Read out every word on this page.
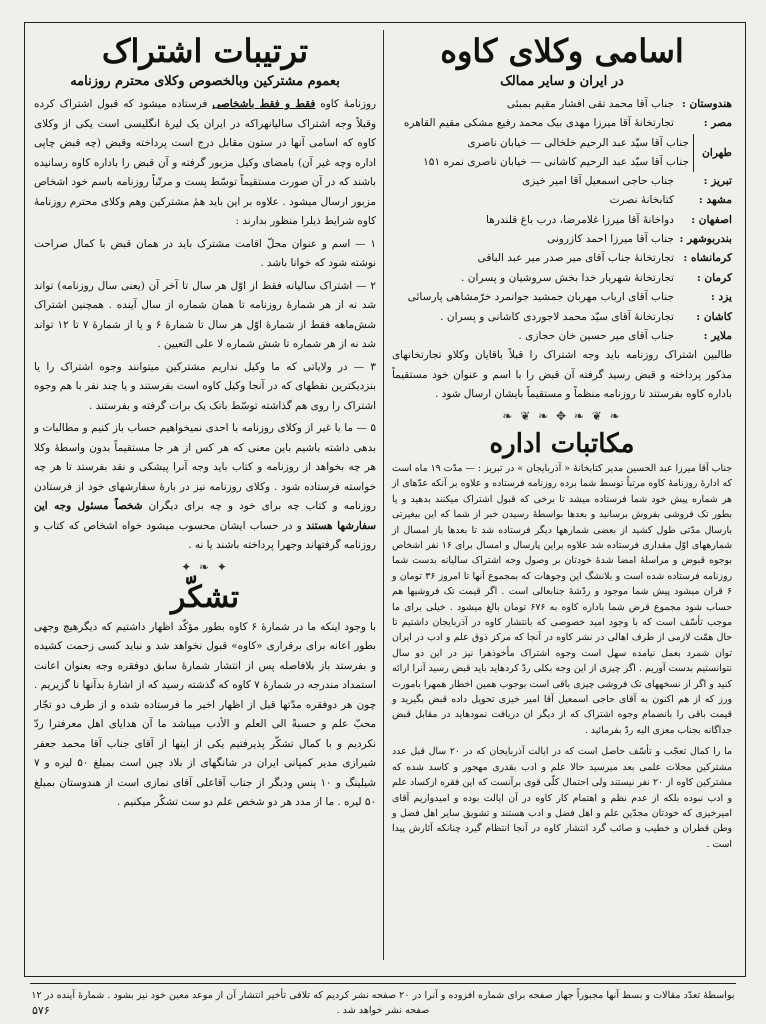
اسامی وکلای کاوه
در ایران و سایر ممالک
هندوستان :
جناب آقا محمد تقی افشار مقیم بمبئی
مصر :
تجارتخانهٔ آقا میرزا مهدی بیک محمد رفیع مشکی مقیم القاهره
طهران
جناب آقا سیّد عبد الرحیم خلخالی — خیابان ناصری
جناب آقا سیّد عبد الرحیم کاشانی — خیابان ناصری نمره ۱۵۱
تبریز :
جناب حاجی اسمعیل آقا امیر خیزی
مشهد :
کتابخانهٔ نصرت
اصفهان :
دواخانهٔ آقا میرزا غلامرضا، درب باغ قلندرها
بندربوشهر :
جناب آقا میرزا احمد کازرونی
کرمانشاه :
تجارتخانهٔ جناب آقای میر صدر میر عبد الباقی
کرمان :
تجارتخانهٔ شهریار خدا بخش سروشیان و پسران .
یزد :
جناب آقای ارباب مهربان جمشید جوانمرد خرّمشاهی پارسائی
کاشان :
تجارتخانهٔ آقای سیّد محمد لاجوردی کاشانی و پسران .
ملایر :
جناب آقای میر حسین خان حجازی .

طالبین اشتراک روزنامه باید وجه اشتراک را قبلاً باقایان وکلاو تجارتخانهای مذکور پرداخته و قبض رسید گرفته آن قبض را با اسم و عنوان خود مستقیماً باداره کاوه بفرستند تا روزنامه منظماً و مستقیماً بایشان ارسال شود .

❧ ❦ ❧ ✥ ❧ ❦ ❧
مکاتبات اداره

جناب آقا میرزا عبد الحسین مدیر کتابخانهٔ « آذربایجان » در تبریز : — مدّت ۱۹ ماه است که ادارهٔ روزنامهٔ کاوه مرتباً توسط شما برده روزنامه فرستاده و علاوه بر آنکه عدّهای از هر شماره پیش خود شما فرستاده میشد تا برخی که قبول اشتراک میکنند بدهید و یا بطور تک فروشی بفروش برسانید و بعدها بواسطهٔ رسیدن خبر از شما که این بیغیرتی بارسال مدّتی طول کشید از بعضی شمارهها دیگر فرستاده شد تا بعدها باز امسال از شمارههای اوّل مقداری فرستاده شد علاوه براین پارسال و امسال برای ۱۶ نفر اشخاص بوجوه قبوض و مراسلهٔ امضا شدهٔ خودتان بر وصول وجه اشتراک سالیانه بدست شما روزنامه فرستاده شده است و بلانشگ این وجوهات که بمجموع آنها تا امروز ۳۶ تومان و ۶ قران میشود پیش شما موجود و ردّشهٔ جنابعالی است . اگر قیمت تک فروشیها هم حساب شود مجموع قرض شما باداره کاوه به ۶۷۶ تومان بالغ میشود . خیلی برای ما موجب تأسّف است که با وجود امید خصوصی که بانتشار کاوه در آذربایجان داشتیم تا حال همّت لازمی از طرف اهالی در نشر کاوه در آنجا که مرکز ذوق علم و ادب در ایران توان شمرد بعمل نیامده سهل است وجوه اشتراک مأخوذهرا نیز در این دو سال نتوانستیم بدست آوریم . اگر چیزی از این وجه بکلی ردّ کردهاید باید قبض رسید آنرا ارائه کنید و اگر از نسخههای تک فروشی چیزی باقی است بوجوب همین اخطار همهرا بامورت ورز که از هم اکنون به آقای حاجی اسمعیل آقا امیر خیزی تحویل داده قبض بگیرید و قیمت باقی را بانضمام وجوه اشتراک که از دیگر ان دریافت نمودهاید در مقابل قبض جداگانه بجناب معزی الیه ردّ بفرمائید .

ما را کمال تعجّب و تأسّف حاصل است که در ایالت آذربایجان که در ۲۰ سال قبل عدد مشترکین مجلات علمی بعد میرسید حالا علم و ادب بقدری مهجور و کاسد شده که مشترکین کاوه از ۲۰ نفر نیستند ولی احتمال کلّی قوی برآنست که این فقره ازکساد علم و ادب نبوده بلکه از عدم نظم و اهتمام کار کاوه در آن ایالت بوده و امیدواریم آقای امیرخیزی که خودتان مجدّین علم و اهل فضل و ادب هستند و تشویق سایر اهل فضل و وطن قطران و خطیب و صائب گرد انتشار کاوه در آنجا انتظام گیرد چنانکه آثارش پیدا است .

ترتیبات اشتراک
بعموم مشترکین وبالخصوص وکلای محترم روزنامه

روزنامهٔ کاوه فقط و فقط باشخاصی فرستاده میشود که قبول اشتراک کرده وقبلاً وجه اشتراک سالیانهراکه در ایران یک لیرهٔ انگلیسی است یکی از وکلای کاوه که اسامی آنها در ستون مقابل درج است پرداخته وقبض (چه قبض چاپی اداره وچه غیر آن) بامضای وکیل مزبور گرفته و آن قبض را باداره کاوه رسانیده باشند که در آن صورت مستقیماً توسّط پست و مرتّباً روزنامه باسم خود اشخاص مزبور ارسال میشود . علاوه بر این باید همٔ مشترکین وهم وکلای محترم روزنامهٔ کاوه شرایط ذیلرا منظور بدارند :

۱ — اسم و عنوان محلّ اقامت مشترک باید در همان قبض با کمال صراحت نوشته شود که خوانا باشد .

۲ — اشتراک سالیانه فقط از اوّل هر سال تا آخر آن (یعنی سال روزنامه) تواند شد نه از هر شمارهٔ روزنامه تا همان شماره از سال آینده . همچنین اشتراک شش‌ماهه فقط از شمارهٔ اوّل هر سال تا شمارهٔ ۶ و یا از شمارهٔ ۷ تا ۱۲ تواند شد نه از هر شماره تا شش شماره لا علی التعیین .

۳ — در ولایاتی که ما وکیل نداریم مشترکین میتوانند وجوه اشتراک را یا بنزدیکترین نقطهای که در آنجا وکیل کاوه است بفرستند و یا چند نفر با هم وجوه اشتراک را روی هم گذاشته توسّط بانک یک برات گرفته و بفرستند .

۵ — ما با غیر از وکلای روزنامه با احدی نمیخواهیم حساب باز کنیم و مطالبات و بدهی داشته باشیم باین معنی که هر کس از هر جا مستقیماً بدون واسطهٔ وکلا هر چه بخواهد از روزنامه و کتاب باید وجه آنرا پیشکی و نقد بفرستد تا هر چه خواسته فرستاده شود . وکلای روزنامه نیز در بارهٔ سفارشهای خود از فرستادن روزنامه و کتاب چه برای خود و چه برای دیگران شخصاً مسئول وجه این سفارشها هستند و در حساب ایشان محسوب میشود خواه اشخاص که کتاب و روزنامه گرفتهاند وجهرا پرداخته باشند یا نه .

✦ ❧ ✦
تشکّر

با وجود اینکه ما در شمارهٔ ۶ کاوه بطور مؤکّد اظهار داشتیم که دیگرهیچ وجهی بطور اعانه برای برقراری «کاوه» قبول نخواهد شد و نباید کسی زحمت کشیده و بفرستد باز بلافاصله پس از انتشار شمارهٔ سابق دوفقره وجه بعنوان اعانت استمداد مندرجه در شمارهٔ ۷ کاوه که گذشته رسید که از اشارهٔ بدآنها نا گزیریم . چون هر دوفقره مدّتها قبل از اظهار اخیر ما فرستاده شده و از طرف دو تجّار محبّ علم و حسبةً الی العلم و الأدب میباشد ما آن هدایای اهل معرفترا ردّ نکردیم و با کمال تشکّر پذیرفتیم یکی از اینها از آقای جناب آقا محمد جعفر شیرازی مدیر کمپانی ایران در شانگهای از بلاد چین است بمبلغ ۵۰ لیره و ۷ شیلینگ و ۱۰ پنس ودیگر از جناب آقاعلی آقای نمازی است از هندوستان بمبلغ ۵۰ لیره . ما از مدد هر دو شخص علم دو ست تشکّر میکنیم .

بواسطهٔ تعدّد مقالات و بسط آنها مجبوراً جهاز صفحه برای شماره افزوده و آنرا در ۲۰ صفحه نشر کردیم که تلافی تأخیر انتشار آن از موعد معین خود نیز بشود . شمارهٔ آینده در ۱۲ صفحه نشر خواهد شد .
۵۷۶
